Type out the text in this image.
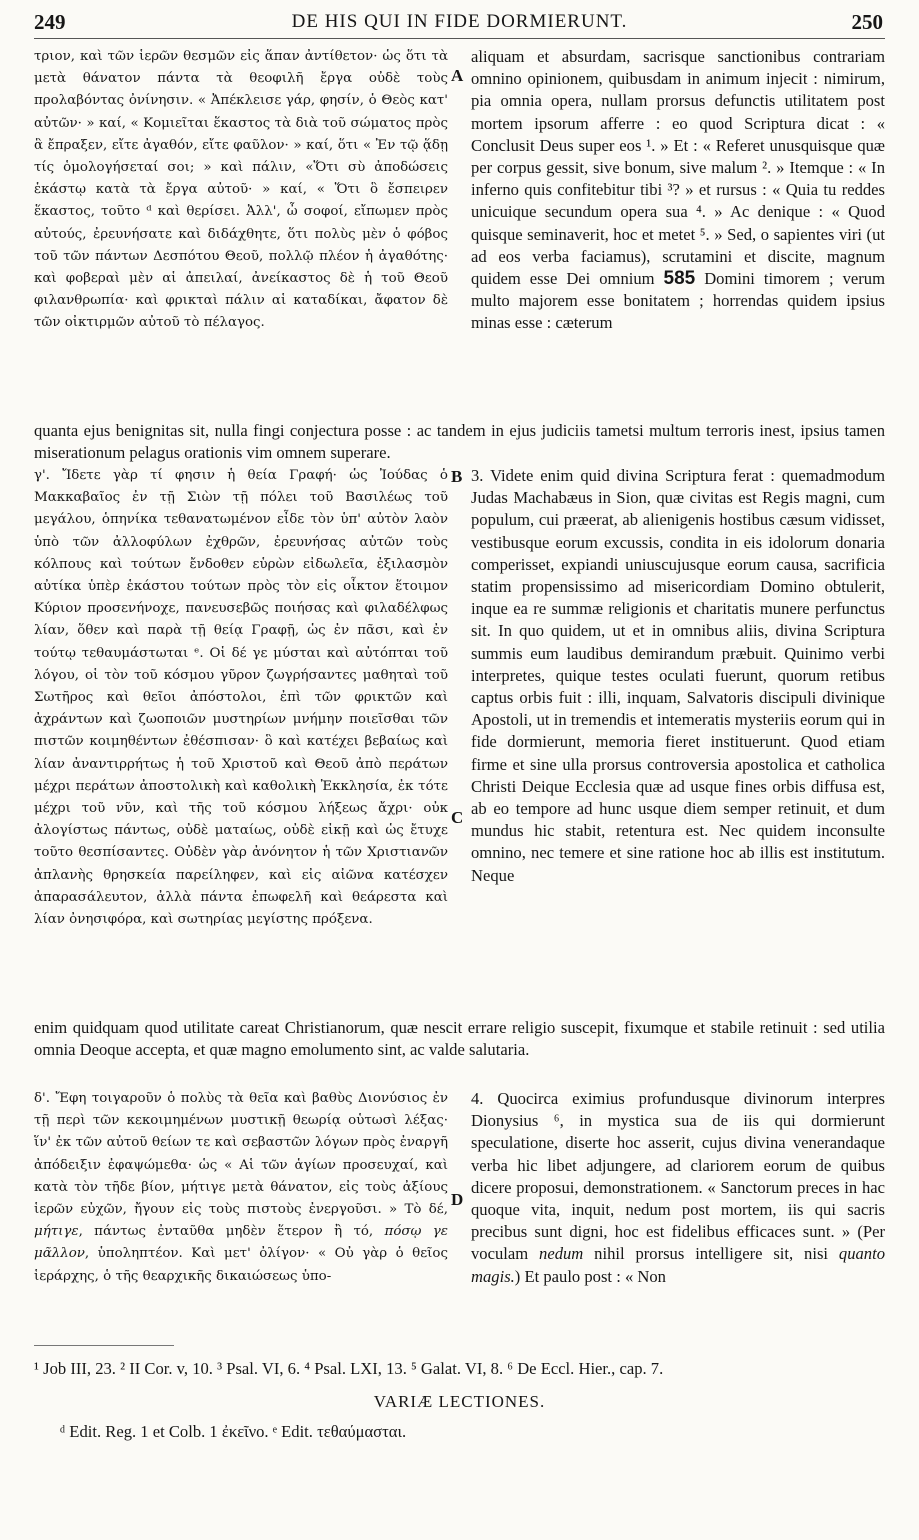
249	DE HIS QUI IN FIDE DORMIERUNT.	250
τριον, καὶ τῶν ἱερῶν θεσμῶν εἰς ἅπαν ἀντίθετον· ὡς ὅτι τὰ μετὰ θάνατον πάντα τὰ θεοφιλῆ ἔργα οὐδὲ τοὺς προλαβόντας ὀνίνησιν. « Ἀπέκλεισε γάρ, φησίν, ὁ Θεὸς κατ' αὐτῶν· » καί, « Κομιεῖται ἕκαστος τὰ διὰ τοῦ σώματος πρὸς ἃ ἔπραξεν, εἴτε ἀγαθόν, εἴτε φαῦλον· » καί, ὅτι « Ἐν τῷ ᾅδῃ τίς ὁμολογήσεταί σοι; » καὶ πάλιν, «Ὅτι σὺ ἀποδώσεις ἑκάστῳ κατὰ τὰ ἔργα αὐτοῦ· » καί, « Ὅτι ὃ ἔσπειρεν ἕκαστος, τοῦτο ᵈ καὶ θερίσει. Ἀλλ', ὦ σοφοί, εἴπωμεν πρὸς αὐτούς, ἐρευνήσατε καὶ διδάχθητε, ὅτι πολὺς μὲν ὁ φόβος τοῦ τῶν πάντων Δεσπότου Θεοῦ, πολλῷ πλέον ἡ ἀγαθότης· καὶ φοβεραὶ μὲν αἱ ἀπειλαί, ἀνείκαστος δὲ ἡ τοῦ Θεοῦ φιλανθρωπία· καὶ φρικταὶ πάλιν αἱ καταδίκαι, ἄφατον δὲ τῶν οἰκτιρμῶν αὐτοῦ τὸ πέλαγος.
A
aliquam et absurdam, sacrisque sanctionibus contrariam omnino opinionem, quibusdam in animum injecit : nimirum, pia omnia opera, nullam prorsus defunctis utilitatem post mortem ipsorum afferre : eo quod Scriptura dicat : « Conclusit Deus super eos ¹. » Et : « Referet unusquisque quæ per corpus gessit, sive bonum, sive malum ². » Itemque : « In inferno quis confitebitur tibi ³? » et rursus : « Quia tu reddes unicuique secundum opera sua ⁴. » Ac denique : « Quod quisque seminaverit, hoc et metet ⁵. » Sed, o sapientes viri (ut ad eos verba faciamus), scrutamini et discite, magnum quidem esse Dei omnium 585 Domini timorem ; verum multo majorem esse bonitatem ; horrendas quidem ipsius minas esse : cæterum
quanta ejus benignitas sit, nulla fingi conjectura posse : ac tandem in ejus judiciis tametsi multum terroris inest, ipsius tamen miserationum pelagus orationis vim omnem superare.
γ'. Ἴδετε γὰρ τί φησιν ἡ θεία Γραφή· ὡς Ἰούδας ὁ Μακκαβαῖος ἐν τῇ Σιὼν τῇ πόλει τοῦ Βασιλέως τοῦ μεγάλου, ὁπηνίκα τεθανατωμένον εἶδε τὸν ὑπ' αὐτὸν λαὸν ὑπὸ τῶν ἀλλοφύλων ἐχθρῶν, ἐρευνήσας αὐτῶν τοὺς κόλπους καὶ τούτων ἔνδοθεν εὑρὼν εἰδωλεῖα, ἐξιλασμὸν αὐτίκα ὑπὲρ ἑκάστου τούτων πρὸς τὸν εἰς οἶκτον ἕτοιμον Κύριον προσενήνοχε, πανευσεβῶς ποιήσας καὶ φιλαδέλφως λίαν, ὅθεν καὶ παρὰ τῇ θείᾳ Γραφῇ, ὡς ἐν πᾶσι, καὶ ἐν τούτῳ τεθαυμάστωται ᵉ. Οἱ δέ γε μύσται καὶ αὐτόπται τοῦ λόγου, οἱ τὸν τοῦ κόσμου γῦρον ζωγρήσαντες μαθηταὶ τοῦ Σωτῆρος καὶ θεῖοι ἀπόστολοι, ἐπὶ τῶν φρικτῶν καὶ ἀχράντων καὶ ζωοποιῶν μυστηρίων μνήμην ποιεῖσθαι τῶν πιστῶν κοιμηθέντων ἐθέσπισαν· ὃ καὶ κατέχει βεβαίως καὶ λίαν ἀναντιρρήτως ἡ τοῦ Χριστοῦ καὶ Θεοῦ ἀπὸ περάτων μέχρι περάτων ἀποστολικὴ καὶ καθολικὴ Ἐκκλησία, ἐκ τότε μέχρι τοῦ νῦν, καὶ τῆς τοῦ κόσμου λήξεως ἄχρι· οὐκ ἀλογίστως πάντως, οὐδὲ ματαίως, οὐδὲ εἰκῇ καὶ ὡς ἔτυχε τοῦτο θεσπίσαντες. Οὐδὲν γὰρ ἀνόνητον ἡ τῶν Χριστιανῶν ἀπλανὴς θρησκεία παρείληφεν, καὶ εἰς αἰῶνα κατέσχεν ἀπαρασάλευτον, ἀλλὰ πάντα ἐπωφελῆ καὶ θεάρεστα καὶ λίαν ὀνησιφόρα, καὶ σωτηρίας μεγίστης πρόξενα.
B
C
3. Videte enim quid divina Scriptura ferat : quemadmodum Judas Machabæus in Sion, quæ civitas est Regis magni, cum populum, cui præerat, ab alienigenis hostibus cæsum vidisset, vestibusque eorum excussis, condita in eis idolorum donaria comperisset, expiandi uniuscujusque eorum causa, sacrificia statim propensissimo ad misericordiam Domino obtulerit, inque ea re summæ religionis et charitatis munere perfunctus sit. In quo quidem, ut et in omnibus aliis, divina Scriptura summis eum laudibus demirandum præbuit. Quinimo verbi interpretes, quique testes oculati fuerunt, quorum retibus captus orbis fuit : illi, inquam, Salvatoris discipuli divinique Apostoli, ut in tremendis et intemeratis mysteriis eorum qui in fide dormierunt, memoria fieret instituerunt. Quod etiam firme et sine ulla prorsus controversia apostolica et catholica Christi Deique Ecclesia quæ ad usque fines orbis diffusa est, ab eo tempore ad hunc usque diem semper retinuit, et dum mundus hic stabit, retentura est. Nec quidem inconsulte omnino, nec temere et sine ratione hoc ab illis est institutum. Neque
enim quidquam quod utilitate careat Christianorum, quæ nescit errare religio suscepit, fixumque et stabile retinuit : sed utilia omnia Deoque accepta, et quæ magno emolumento sint, ac valde salutaria.
δ'. Ἔφη τοιγαροῦν ὁ πολὺς τὰ θεῖα καὶ βαθὺς Διονύσιος ἐν τῇ περὶ τῶν κεκοιμημένων μυστικῇ θεωρίᾳ οὑτωσὶ λέξας· ἵν' ἐκ τῶν αὐτοῦ θείων τε καὶ σεβαστῶν λόγων πρὸς ἐναργῆ ἀπόδειξιν ἐφαψώμεθα· ὡς « Αἱ τῶν ἁγίων προσευχαί, καὶ κατὰ τὸν τῆδε βίον, μήτιγε μετὰ θάνατον, εἰς τοὺς ἀξίους ἱερῶν εὐχῶν, ἤγουν εἰς τοὺς πιστοὺς ἐνεργοῦσι. » Τὸ δέ, μήτιγε, πάντως ἐνταῦθα μηδὲν ἕτερον ἢ τό, πόσῳ γε μᾶλλον, ὑποληπτέον. Καὶ μετ' ὀλίγον· « Οὐ γὰρ ὁ θεῖος ἱεράρχης, ὁ τῆς θεαρχικῆς δικαιώσεως ὑπο-
D
4. Quocirca eximius profundusque divinorum interpres Dionysius ⁶, in mystica sua de iis qui dormierunt speculatione, diserte hoc asserit, cujus divina venerandaque verba hic libet adjungere, ad clariorem eorum de quibus dicere proposui, demonstrationem. « Sanctorum preces in hac quoque vita, inquit, nedum post mortem, iis qui sacris precibus sunt digni, hoc est fidelibus efficaces sunt. » (Per voculam nedum nihil prorsus intelligere sit, nisi quanto magis.) Et paulo post : « Non
¹ Job III, 23. ² II Cor. v, 10. ³ Psal. VI, 6. ⁴ Psal. LXI, 13. ⁵ Galat. VI, 8. ⁶ De Eccl. Hier., cap. 7.
VARIÆ LECTIONES.
ᵈ Edit. Reg. 1 et Colb. 1 ἐκεῖνο. ᵉ Edit. τεθαύμασται.
